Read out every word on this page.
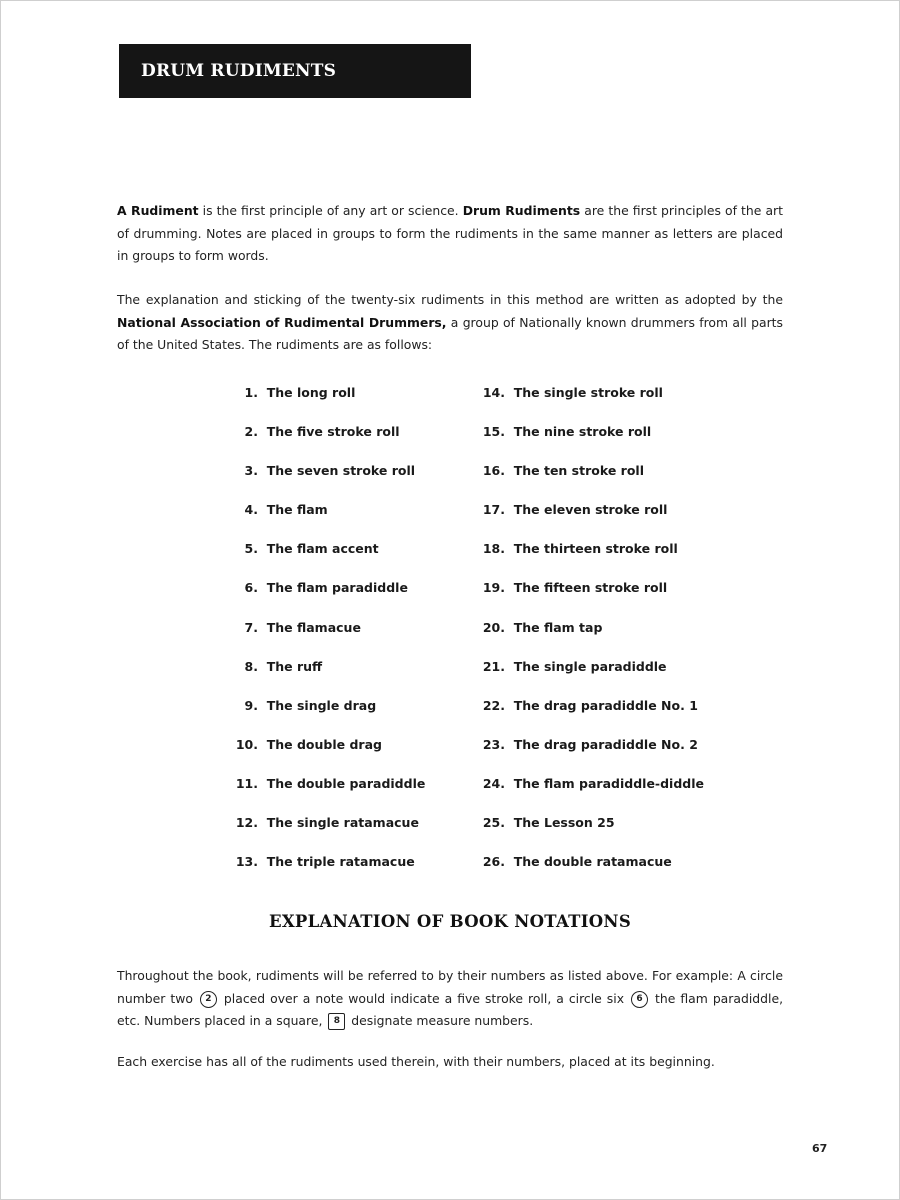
DRUM RUDIMENTS

A Rudiment is the first principle of any art or science. Drum Rudiments are the first principles of the art of drumming. Notes are placed in groups to form the rudiments in the same manner as letters are placed in groups to form words.

The explanation and sticking of the twenty-six rudiments in this method are written as adopted by the National Association of Rudimental Drummers, a group of Nationally known drummers from all parts of the United States. The rudiments are as follows:

1. The long roll
2. The five stroke roll
3. The seven stroke roll
4. The flam
5. The flam accent
6. The flam paradiddle
7. The flamacue
8. The ruff
9. The single drag
10. The double drag
11. The double paradiddle
12. The single ratamacue
13. The triple ratamacue
14. The single stroke roll
15. The nine stroke roll
16. The ten stroke roll
17. The eleven stroke roll
18. The thirteen stroke roll
19. The fifteen stroke roll
20. The flam tap
21. The single paradiddle
22. The drag paradiddle No. 1
23. The drag paradiddle No. 2
24. The flam paradiddle-diddle
25. The Lesson 25
26. The double ratamacue
EXPLANATION OF BOOK NOTATIONS

Throughout the book, rudiments will be referred to by their numbers as listed above. For example: A circle number two 2 placed over a note would indicate a five stroke roll, a circle six 6 the flam paradiddle, etc. Numbers placed in a square, 8 designate measure numbers.

Each exercise has all of the rudiments used therein, with their numbers, placed at its beginning.

67
